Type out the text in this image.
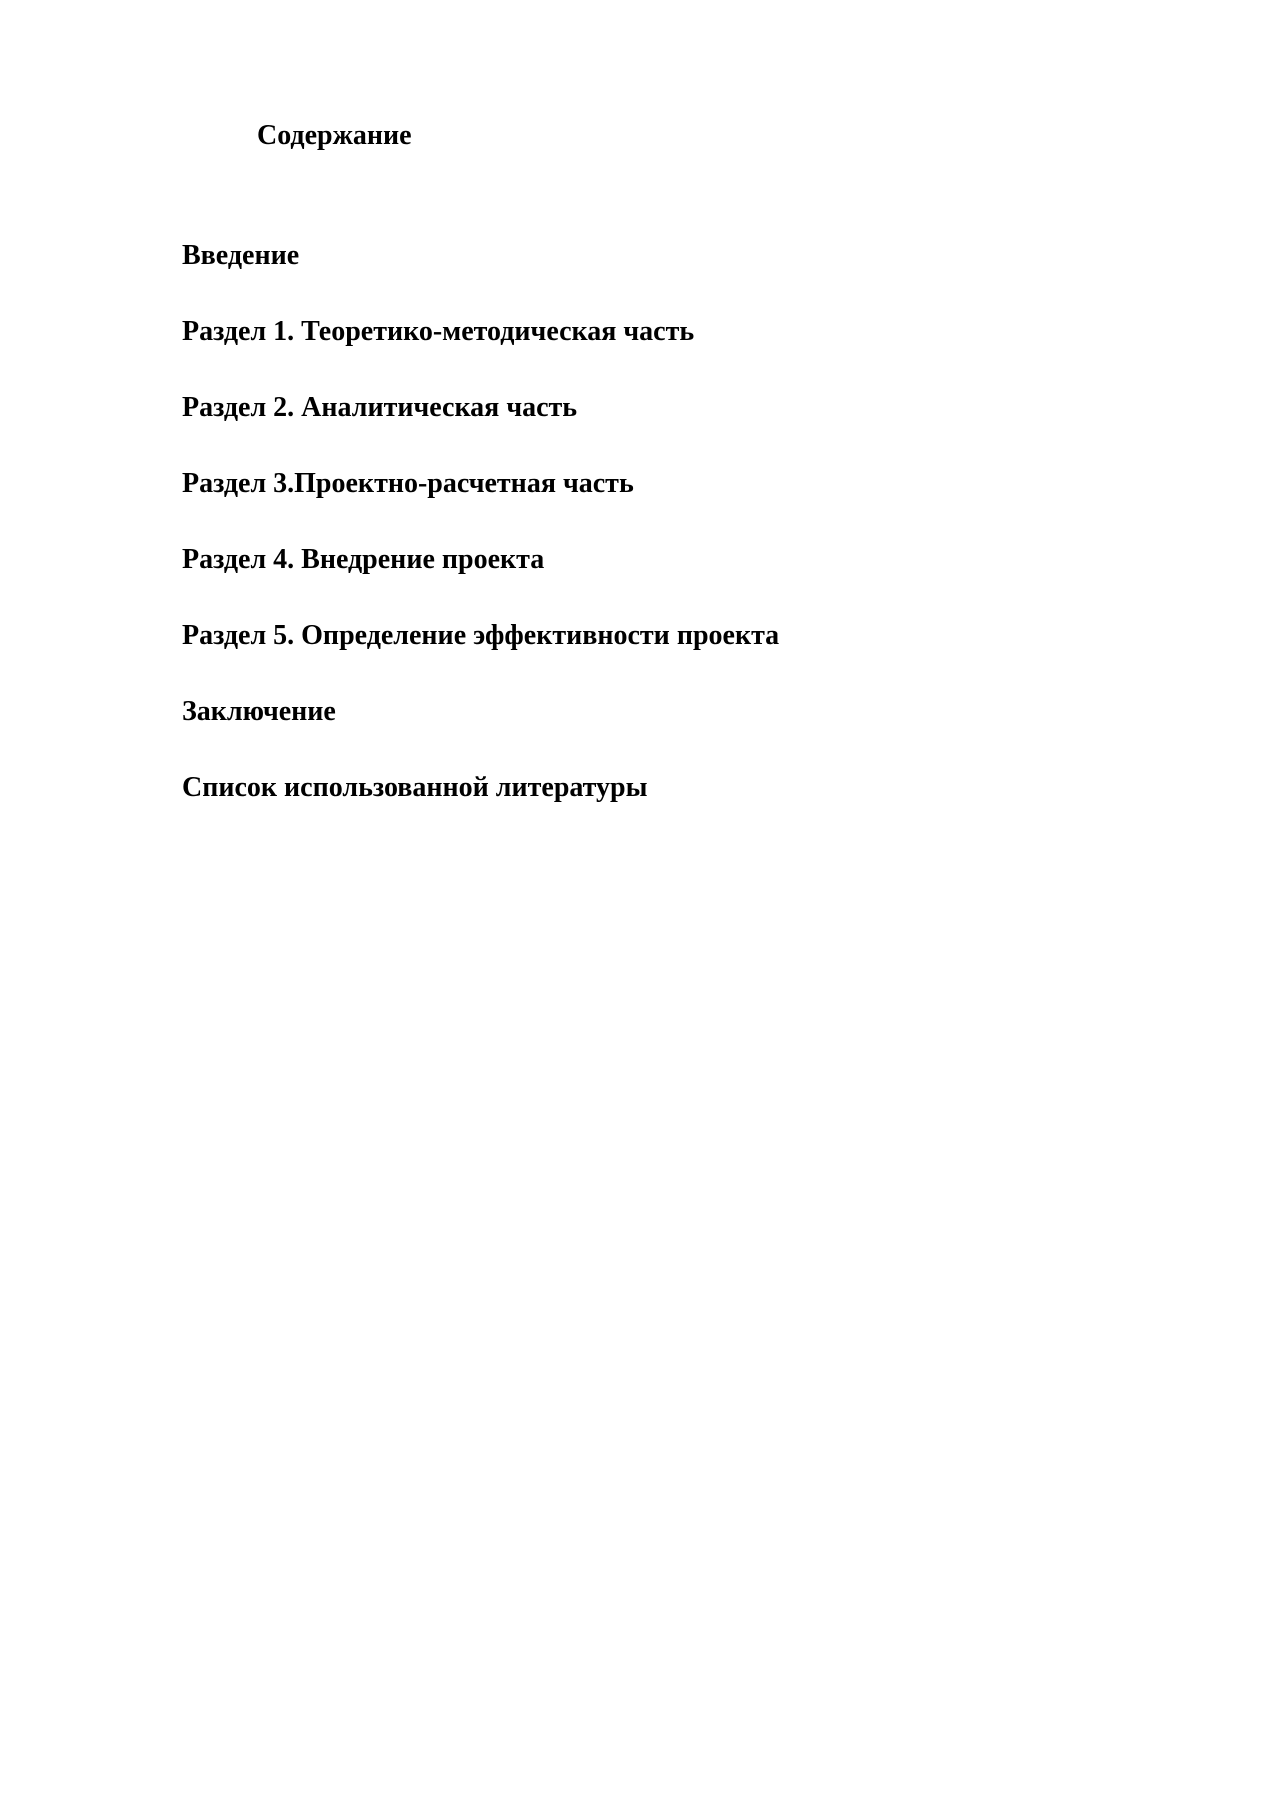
Содержание
Введение
Раздел 1. Теоретико-методическая часть
Раздел 2. Аналитическая часть
Раздел 3.Проектно-расчетная часть
Раздел 4. Внедрение проекта
Раздел 5. Определение эффективности проекта
Заключение
Список использованной литературы
